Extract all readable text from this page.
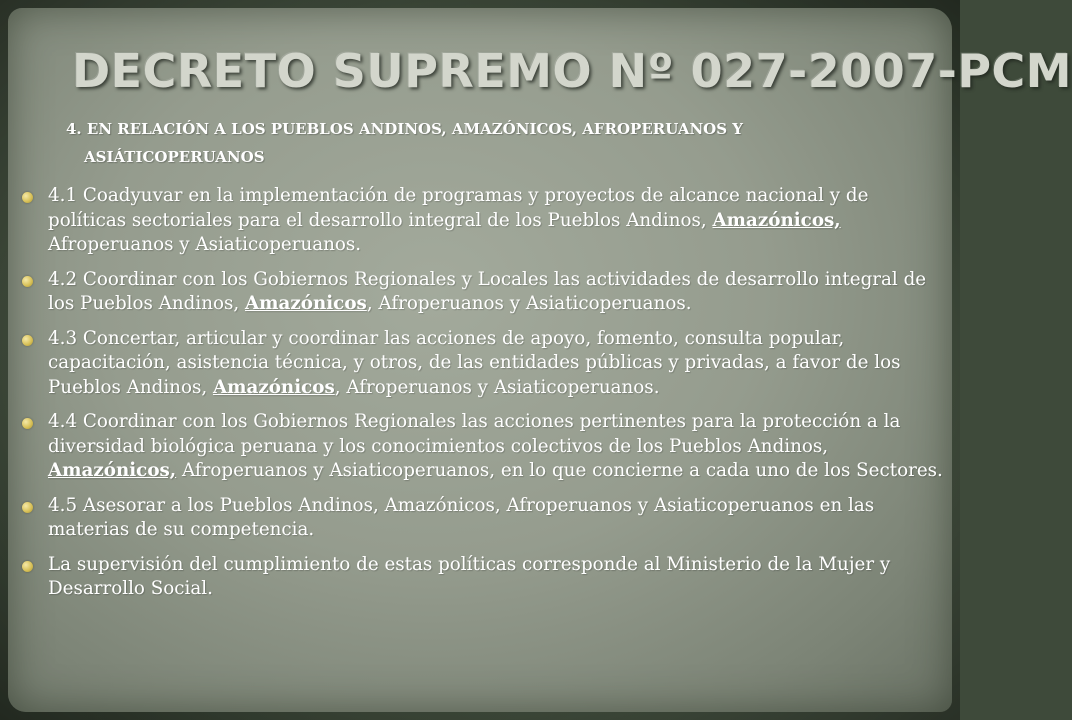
DECRETO SUPREMO Nº 027-2007-PCM
4. EN RELACIÓN A LOS PUEBLOS ANDINOS, AMAZÓNICOS, AFROPERUANOS Y
ASIÁTICOPERUANOS
4.1 Coadyuvar en la implementación de programas y proyectos de alcance nacional y de políticas sectoriales para el desarrollo integral de los Pueblos Andinos, Amazónicos, Afroperuanos y Asiaticoperuanos.
4.2 Coordinar con los Gobiernos Regionales y Locales las actividades de desarrollo integral de los Pueblos Andinos, Amazónicos, Afroperuanos y Asiaticoperuanos.
4.3 Concertar, articular y coordinar las acciones de apoyo, fomento, consulta popular, capacitación, asistencia técnica, y otros, de las entidades públicas y privadas, a favor de los Pueblos Andinos, Amazónicos, Afroperuanos y Asiaticoperuanos.
4.4 Coordinar con los Gobiernos Regionales las acciones pertinentes para la protección a la diversidad biológica peruana y los conocimientos colectivos de los Pueblos Andinos, Amazónicos, Afroperuanos y Asiaticoperuanos, en lo que concierne a cada uno de los Sectores.
4.5 Asesorar a los Pueblos Andinos, Amazónicos, Afroperuanos y Asiaticoperuanos en las materias de su competencia.
La supervisión del cumplimiento de estas políticas corresponde al Ministerio de la Mujer y Desarrollo Social.
